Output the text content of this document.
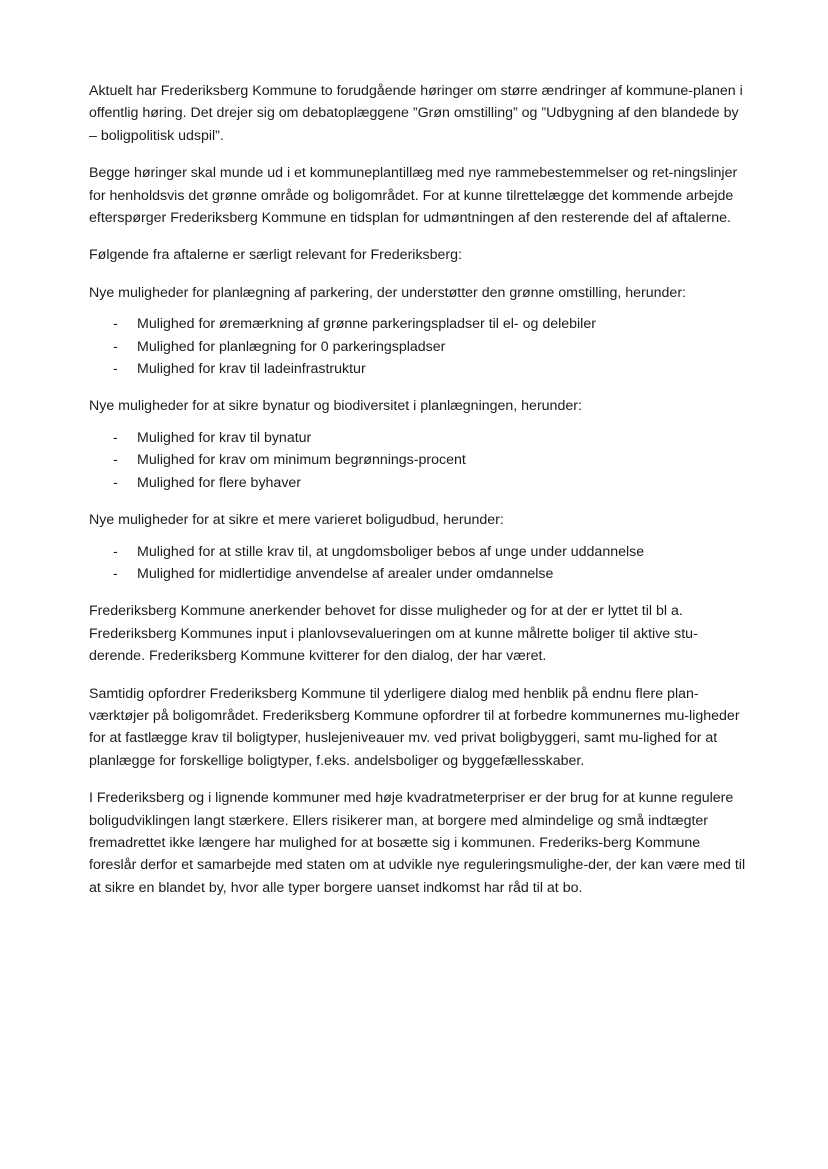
Aktuelt har Frederiksberg Kommune to forudgående høringer om større ændringer af kommune-planen i offentlig høring. Det drejer sig om debatoplæggene ”Grøn omstilling” og ”Udbygning af den blandede by – boligpolitisk udspil”.

Begge høringer skal munde ud i et kommuneplantillæg med nye rammebestemmelser og ret-ningslinjer for henholdsvis det grønne område og boligområdet. For at kunne tilrettelægge det kommende arbejde efterspørger Frederiksberg Kommune en tidsplan for udmøntningen af den resterende del af aftalerne.

Følgende fra aftalerne er særligt relevant for Frederiksberg:

Nye muligheder for planlægning af parkering, der understøtter den grønne omstilling, herunder:

- Mulighed for øremærkning af grønne parkeringspladser til el- og delebiler
- Mulighed for planlægning for 0 parkeringspladser
- Mulighed for krav til ladeinfrastruktur

Nye muligheder for at sikre bynatur og biodiversitet i planlægningen, herunder:

- Mulighed for krav til bynatur
- Mulighed for krav om minimum begrønnings-procent
- Mulighed for flere byhaver

Nye muligheder for at sikre et mere varieret boligudbud, herunder:

- Mulighed for at stille krav til, at ungdomsboliger bebos af unge under uddannelse
- Mulighed for midlertidige anvendelse af arealer under omdannelse

Frederiksberg Kommune anerkender behovet for disse muligheder og for at der er lyttet til bl a. Frederiksberg Kommunes input i planlovsevalueringen om at kunne målrette boliger til aktive stu-derende. Frederiksberg Kommune kvitterer for den dialog, der har været.

Samtidig opfordrer Frederiksberg Kommune til yderligere dialog med henblik på endnu flere plan-værktøjer på boligområdet. Frederiksberg Kommune opfordrer til at forbedre kommunernes mu-ligheder for at fastlægge krav til boligtyper, huslejeniveauer mv. ved privat boligbyggeri, samt mu-lighed for at planlægge for forskellige boligtyper, f.eks. andelsboliger og byggefællesskaber.

I Frederiksberg og i lignende kommuner med høje kvadratmeterpriser er der brug for at kunne regulere boligudviklingen langt stærkere. Ellers risikerer man, at borgere med almindelige og små indtægter fremadrettet ikke længere har mulighed for at bosætte sig i kommunen. Frederiks-berg Kommune foreslår derfor et samarbejde med staten om at udvikle nye reguleringsmulighe-der, der kan være med til at sikre en blandet by, hvor alle typer borgere uanset indkomst har råd til at bo.
